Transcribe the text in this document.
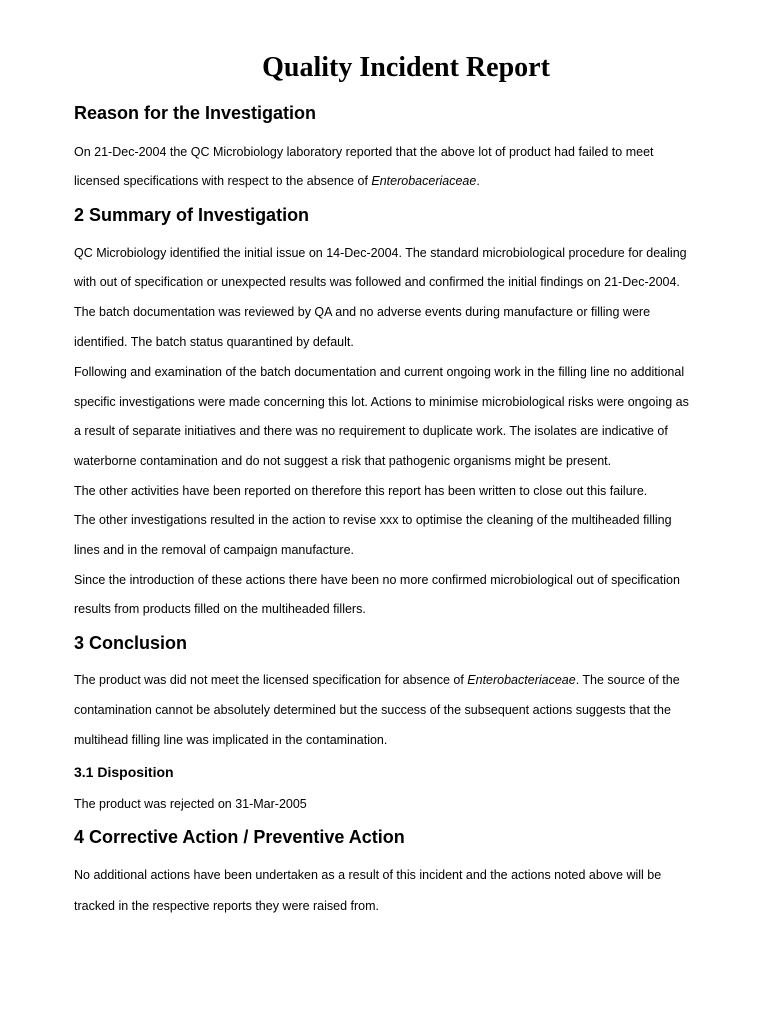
Quality Incident Report
Reason for the Investigation
On 21-Dec-2004 the QC Microbiology laboratory reported that the above lot of product had failed to meet
licensed specifications with respect to the absence of Enterobaceriaceae.
2 Summary of Investigation
QC Microbiology identified the initial issue on 14-Dec-2004. The standard microbiological procedure for dealing
with out of specification or unexpected results was followed and confirmed the initial findings on 21-Dec-2004.
The batch documentation was reviewed by QA and no adverse events during manufacture or filling were
identified. The batch status quarantined by default.
Following and examination of the batch documentation and current ongoing work in the filling line no additional
specific investigations were made concerning this lot. Actions to minimise microbiological risks were ongoing as
a result of separate initiatives and there was no requirement to duplicate work. The isolates are indicative of
waterborne contamination and do not suggest a risk that pathogenic organisms might be present.
The other activities have been reported on therefore this report has been written to close out this failure.
The other investigations resulted in the action to revise xxx to optimise the cleaning of the multiheaded filling
lines and in the removal of campaign manufacture.
Since the introduction of these actions there have been no more confirmed microbiological out of specification
results from products filled on the multiheaded fillers.
3 Conclusion
The product was did not meet the licensed specification for absence of Enterobacteriaceae. The source of the
contamination cannot be absolutely determined but the success of the subsequent actions suggests that the
multihead filling line was implicated in the contamination.
3.1 Disposition
The product was rejected on 31-Mar-2005
4 Corrective Action / Preventive Action
No additional actions have been undertaken as a result of this incident and the actions noted above will be
tracked in the respective reports they were raised from.
